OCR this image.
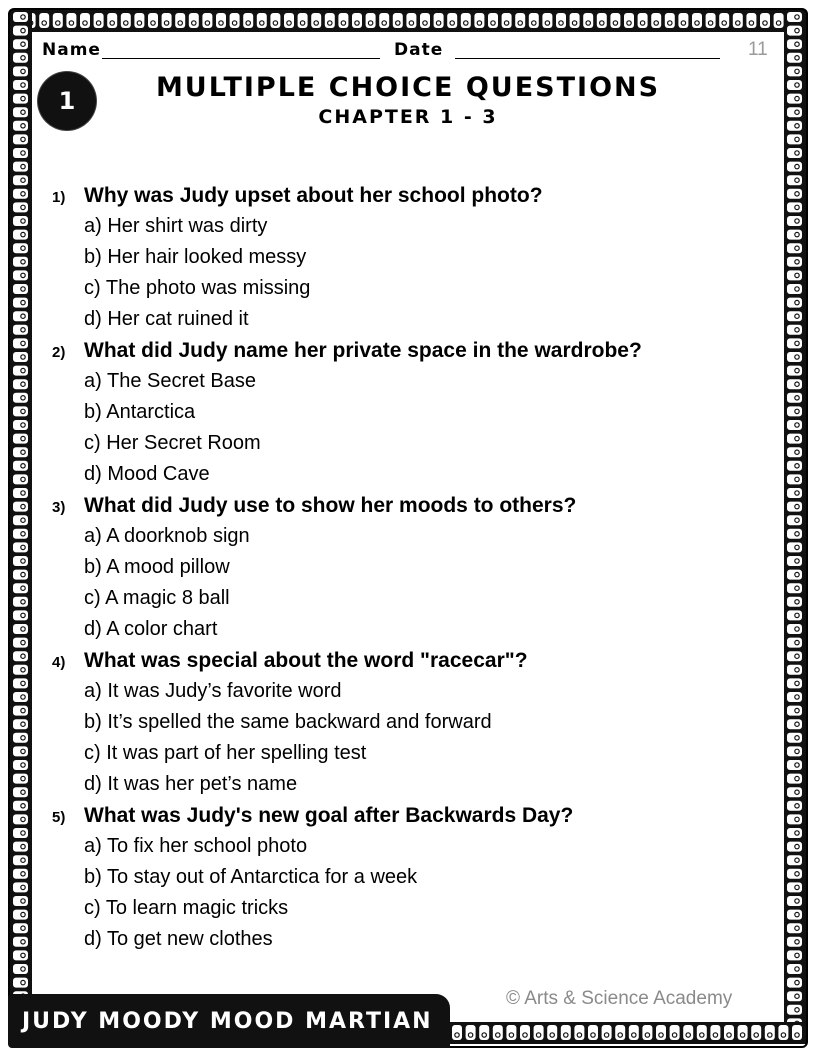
Name	Date	11
1	MULTIPLE CHOICE QUESTIONS
CHAPTER 1 - 3
1) Why was Judy upset about her school photo?
a) Her shirt was dirty
b) Her hair looked messy
c) The photo was missing
d) Her cat ruined it
2) What did Judy name her private space in the wardrobe?
a) The Secret Base
b) Antarctica
c) Her Secret Room
d) Mood Cave
3) What did Judy use to show her moods to others?
a) A doorknob sign
b) A mood pillow
c) A magic 8 ball
d) A color chart
4) What was special about the word "racecar"?
a) It was Judy’s favorite word
b) It’s spelled the same backward and forward
c) It was part of her spelling test
d) It was her pet’s name
5) What was Judy's new goal after Backwards Day?
a) To fix her school photo
b) To stay out of Antarctica for a week
c) To learn magic tricks
d) To get new clothes
© Arts & Science Academy
JUDY MOODY MOOD MARTIAN
